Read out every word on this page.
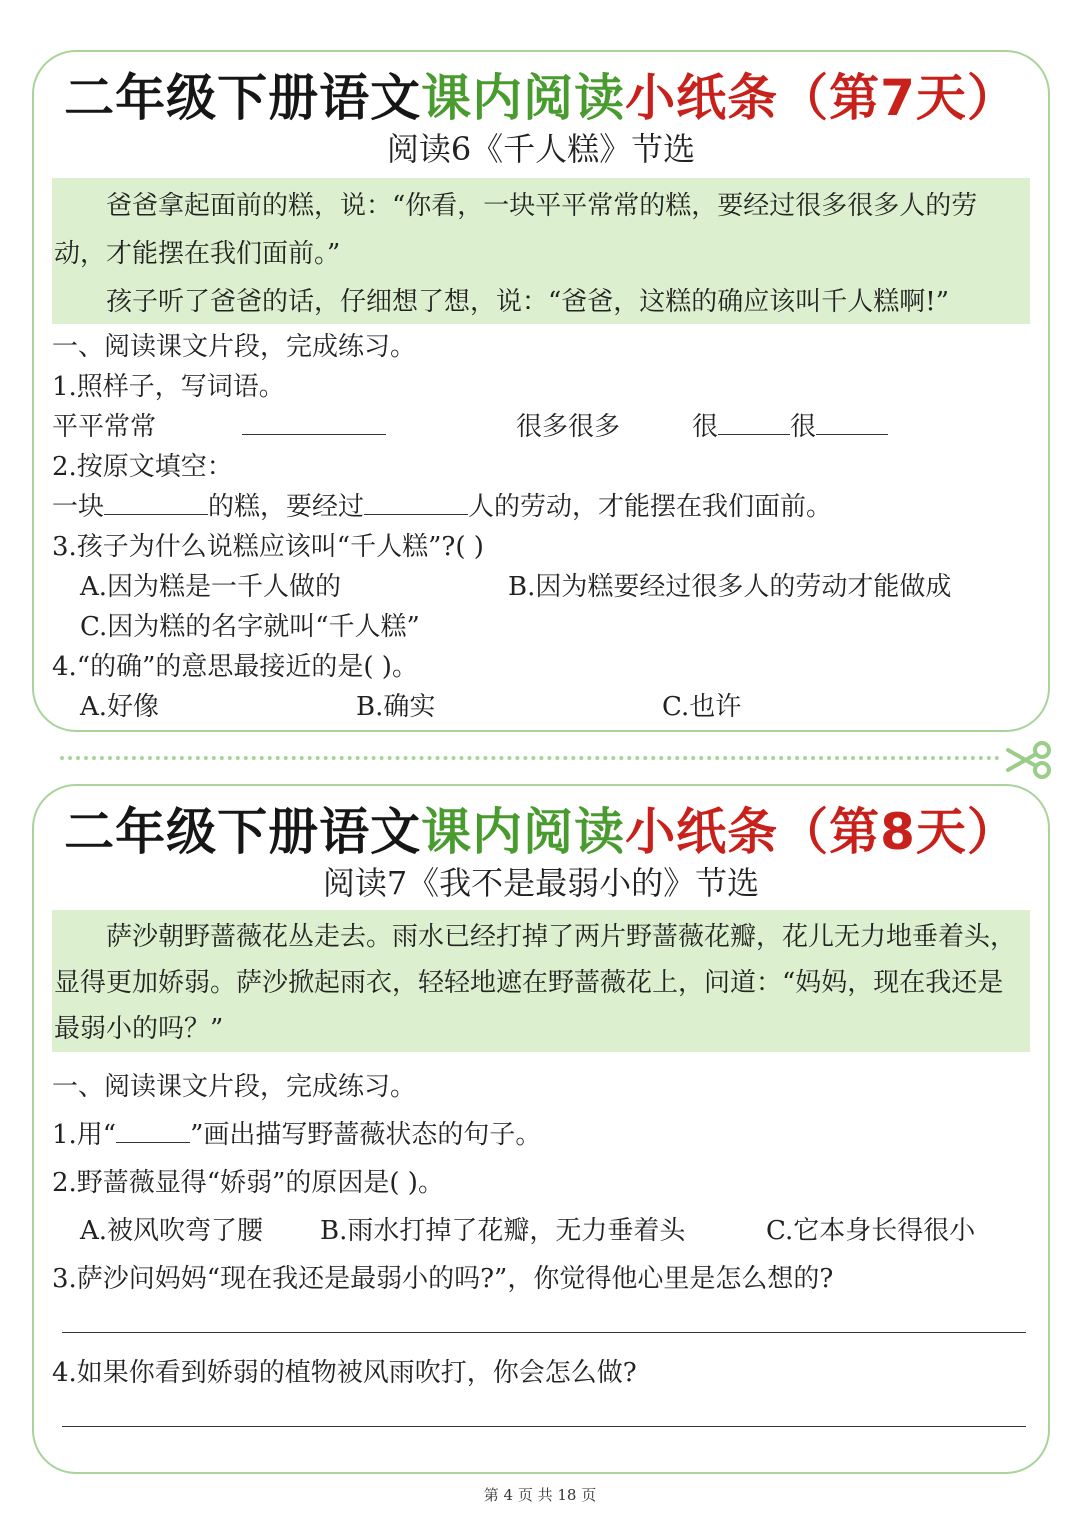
二年级下册语文课内阅读小纸条（第7天）
阅读6《千人糕》节选

爸爸拿起面前的糕，说：“你看，一块平平常常的糕，要经过很多很多人的劳动，才能摆在我们面前。”

孩子听了爸爸的话，仔细想了想，说：“爸爸，这糕的确应该叫千人糕啊!”

一、阅读课文片段，完成练习。
1.照样子，写词语。
平平常常	很多很多	很	很
2.按原文填空：
一块	的糕，要经过	人的劳动，才能摆在我们面前。
3.孩子为什么说糕应该叫“千人糕”?( )
A.因为糕是一千人做的	B.因为糕要经过很多人的劳动才能做成
C.因为糕的名字就叫“千人糕”
4.“的确”的意思最接近的是( )。
A.好像	B.确实	C.也许
二年级下册语文课内阅读小纸条（第8天）
阅读7《我不是最弱小的》节选

萨沙朝野蔷薇花丛走去。雨水已经打掉了两片野蔷薇花瓣，花儿无力地垂着头，显得更加娇弱。萨沙掀起雨衣，轻轻地遮在野蔷薇花上，问道：“妈妈，现在我还是最弱小的吗？”

一、阅读课文片段，完成练习。
1.用“	”画出描写野蔷薇状态的句子。
2.野蔷薇显得“娇弱”的原因是( )。
A.被风吹弯了腰 B.雨水打掉了花瓣，无力垂着头	C.它本身长得很小
3.萨沙问妈妈“现在我还是最弱小的吗?”，你觉得他心里是怎么想的?
4.如果你看到娇弱的植物被风雨吹打，你会怎么做?
第 4 页 共 18 页
